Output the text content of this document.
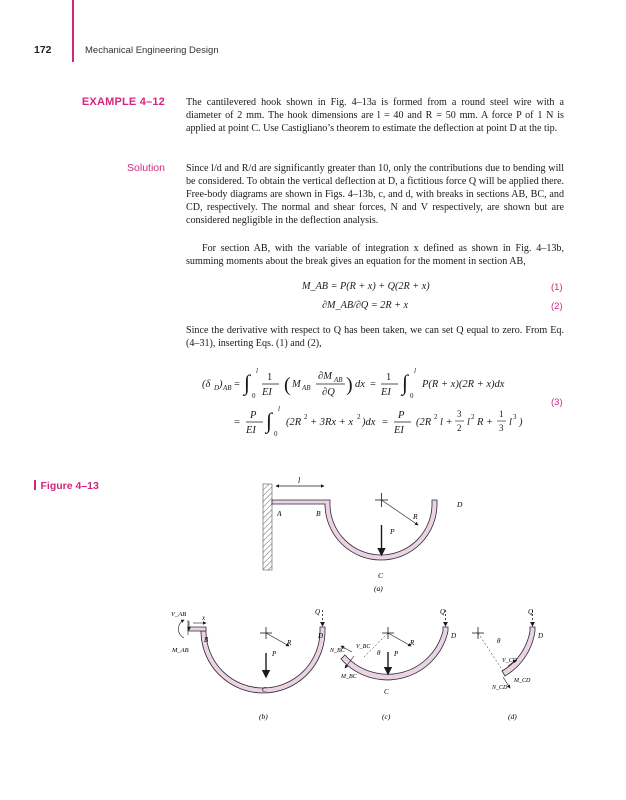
172	Mechanical Engineering Design
EXAMPLE 4–12 The cantilevered hook shown in Fig. 4–13a is formed from a round steel wire with a diameter of 2 mm. The hook dimensions are l = 40 and R = 50 mm. A force P of 1 N is applied at point C. Use Castigliano’s theorem to estimate the deflection at point D at the tip.
Solution Since l/d and R/d are significantly greater than 10, only the contributions due to bending will be considered. To obtain the vertical deflection at D, a fictitious force Q will be applied there. Free-body diagrams are shown in Figs. 4–13b, c, and d, with breaks in sections AB, BC, and CD, respectively. The normal and shear forces, N and V respectively, are shown but are considered negligible in the deflection analysis.
For section AB, with the variable of integration x defined as shown in Fig. 4–13b, summing moments about the break gives an equation for the moment in section AB,
M_AB = P(R + x) + Q(2R + x)	(1)
∂M_AB/∂Q = 2R + x	(2)
Since the derivative with respect to Q has been taken, we can set Q equal to zero. From Eq. (4–31), inserting Eqs. (1) and (2),
(δ D ) AB = ∫ l
0
1
EI ( M AB
∂M AB
∂Q ) dx =
1
EI ∫ l
0
P(R + x)(2R + x)dx
=
P
EI ∫ l
0
(2R 2 + 3Rx + x 2 )dx =
P
EI
(2R 2 l +
3
2 l 2 R +
1
3 l 3 )
(3)
Figure 4–13	l
A	B	R
D
P
C
(a)
V_AB x
B
M_AB
R
P
Q
D
C
(b)
N_BC
V_BC
M_BC
θ P
R
Q
D
C
(c)
θ
V_CD
N_CD
M_CD
Q
D
(d)
